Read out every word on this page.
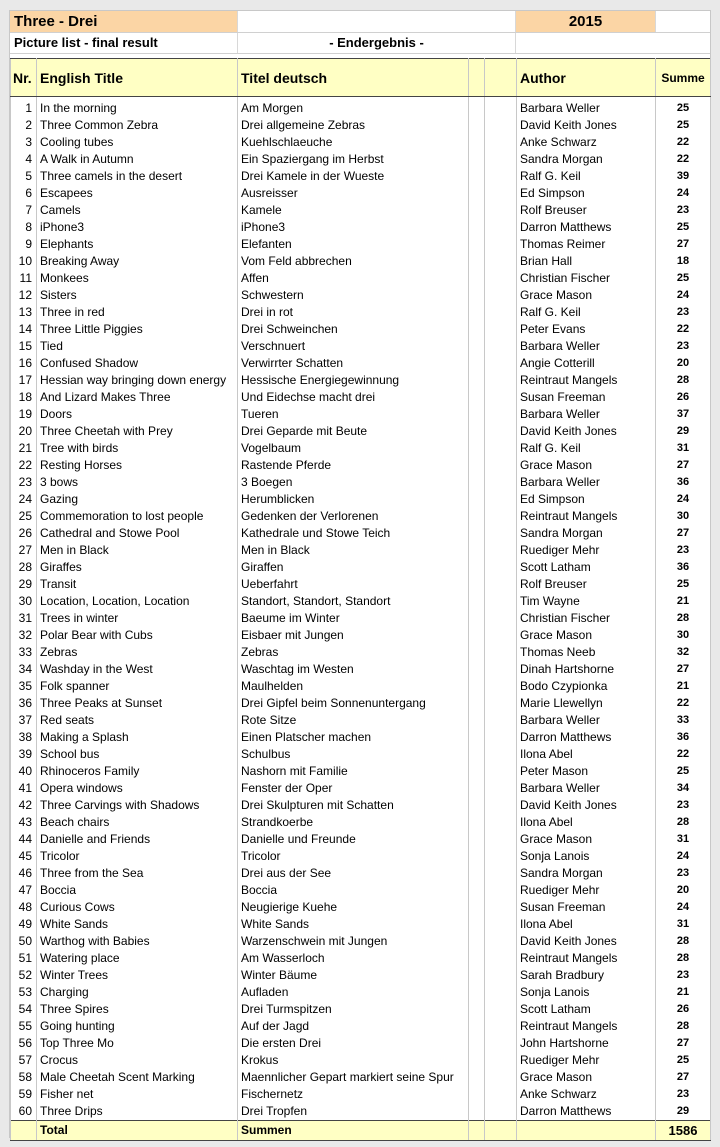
Three - Drei	2015
Picture list - final result	- Endergebnis -
Nr.	English Title	Titel deutsch			Author	Summe

1	In the morning	Am Morgen			Barbara Weller	25
2	Three Common Zebra	Drei allgemeine Zebras			David Keith Jones	25
3	Cooling tubes	Kuehlschlaeuche			Anke Schwarz	22
4	A Walk in Autumn	Ein Spaziergang im Herbst			Sandra Morgan	22
5	Three camels in the desert	Drei Kamele in der Wueste			Ralf G. Keil	39
6	Escapees	Ausreisser			Ed Simpson	24
7	Camels	Kamele			Rolf Breuser	23
8	iPhone3	iPhone3			Darron Matthews	25
9	Elephants	Elefanten			Thomas Reimer	27
10	Breaking Away	Vom Feld abbrechen			Brian Hall	18
11	Monkees	Affen			Christian Fischer	25
12	Sisters	Schwestern			Grace Mason	24
13	Three in red	Drei in rot			Ralf G. Keil	23
14	Three Little Piggies	Drei Schweinchen			Peter Evans	22
15	Tied	Verschnuert			Barbara Weller	23
16	Confused Shadow	Verwirrter Schatten			Angie Cotterill	20
17	Hessian way bringing down energy	Hessische Energiegewinnung			Reintraut Mangels	28
18	And Lizard Makes Three	Und Eidechse macht drei			Susan Freeman	26
19	Doors	Tueren			Barbara Weller	37
20	Three Cheetah with Prey	Drei Geparde mit Beute			David Keith Jones	29
21	Tree with birds	Vogelbaum			Ralf G. Keil	31
22	Resting Horses	Rastende Pferde			Grace Mason	27
23	3 bows	3 Boegen			Barbara Weller	36
24	Gazing	Herumblicken			Ed Simpson	24
25	Commemoration to lost people	Gedenken der Verlorenen			Reintraut Mangels	30
26	Cathedral and Stowe Pool	Kathedrale und Stowe Teich			Sandra Morgan	27
27	Men in Black	Men in Black			Ruediger Mehr	23
28	Giraffes	Giraffen			Scott Latham	36
29	Transit	Ueberfahrt			Rolf Breuser	25
30	Location, Location, Location	Standort, Standort, Standort			Tim Wayne	21
31	Trees in winter	Baeume im Winter			Christian Fischer	28
32	Polar Bear with Cubs	Eisbaer mit Jungen			Grace Mason	30
33	Zebras	Zebras			Thomas Neeb	32
34	Washday in the West	Waschtag im Westen			Dinah Hartshorne	27
35	Folk spanner	Maulhelden			Bodo Czypionka	21
36	Three Peaks at Sunset	Drei Gipfel beim Sonnenuntergang			Marie Llewellyn	22
37	Red seats	Rote Sitze			Barbara Weller	33
38	Making a Splash	Einen Platscher machen			Darron Matthews	36
39	School bus	Schulbus			Ilona Abel	22
40	Rhinoceros Family	Nashorn mit Familie			Peter Mason	25
41	Opera windows	Fenster der Oper			Barbara Weller	34
42	Three Carvings with Shadows	Drei Skulpturen mit Schatten			David Keith Jones	23
43	Beach chairs	Strandkoerbe			Ilona Abel	28
44	Danielle and Friends	Danielle und Freunde			Grace Mason	31
45	Tricolor	Tricolor			Sonja Lanois	24
46	Three from the Sea	Drei aus der See			Sandra Morgan	23
47	Boccia	Boccia			Ruediger Mehr	20
48	Curious Cows	Neugierige Kuehe			Susan Freeman	24
49	White Sands	White Sands			Ilona Abel	31
50	Warthog with Babies	Warzenschwein mit Jungen			David Keith Jones	28
51	Watering place	Am Wasserloch			Reintraut Mangels	28
52	Winter Trees	Winter Bäume			Sarah Bradbury	23
53	Charging	Aufladen			Sonja Lanois	21
54	Three Spires	Drei Turmspitzen			Scott Latham	26
55	Going hunting	Auf der Jagd			Reintraut Mangels	28
56	Top Three Mo	Die ersten Drei			John Hartshorne	27
57	Crocus	Krokus			Ruediger Mehr	25
58	Male Cheetah Scent Marking	Maennlicher Gepart markiert seine Spur			Grace Mason	27
59	Fisher net	Fischernetz			Anke Schwarz	23
60	Three Drips	Drei Tropfen			Darron Matthews	29
	Total	Summen				1586
